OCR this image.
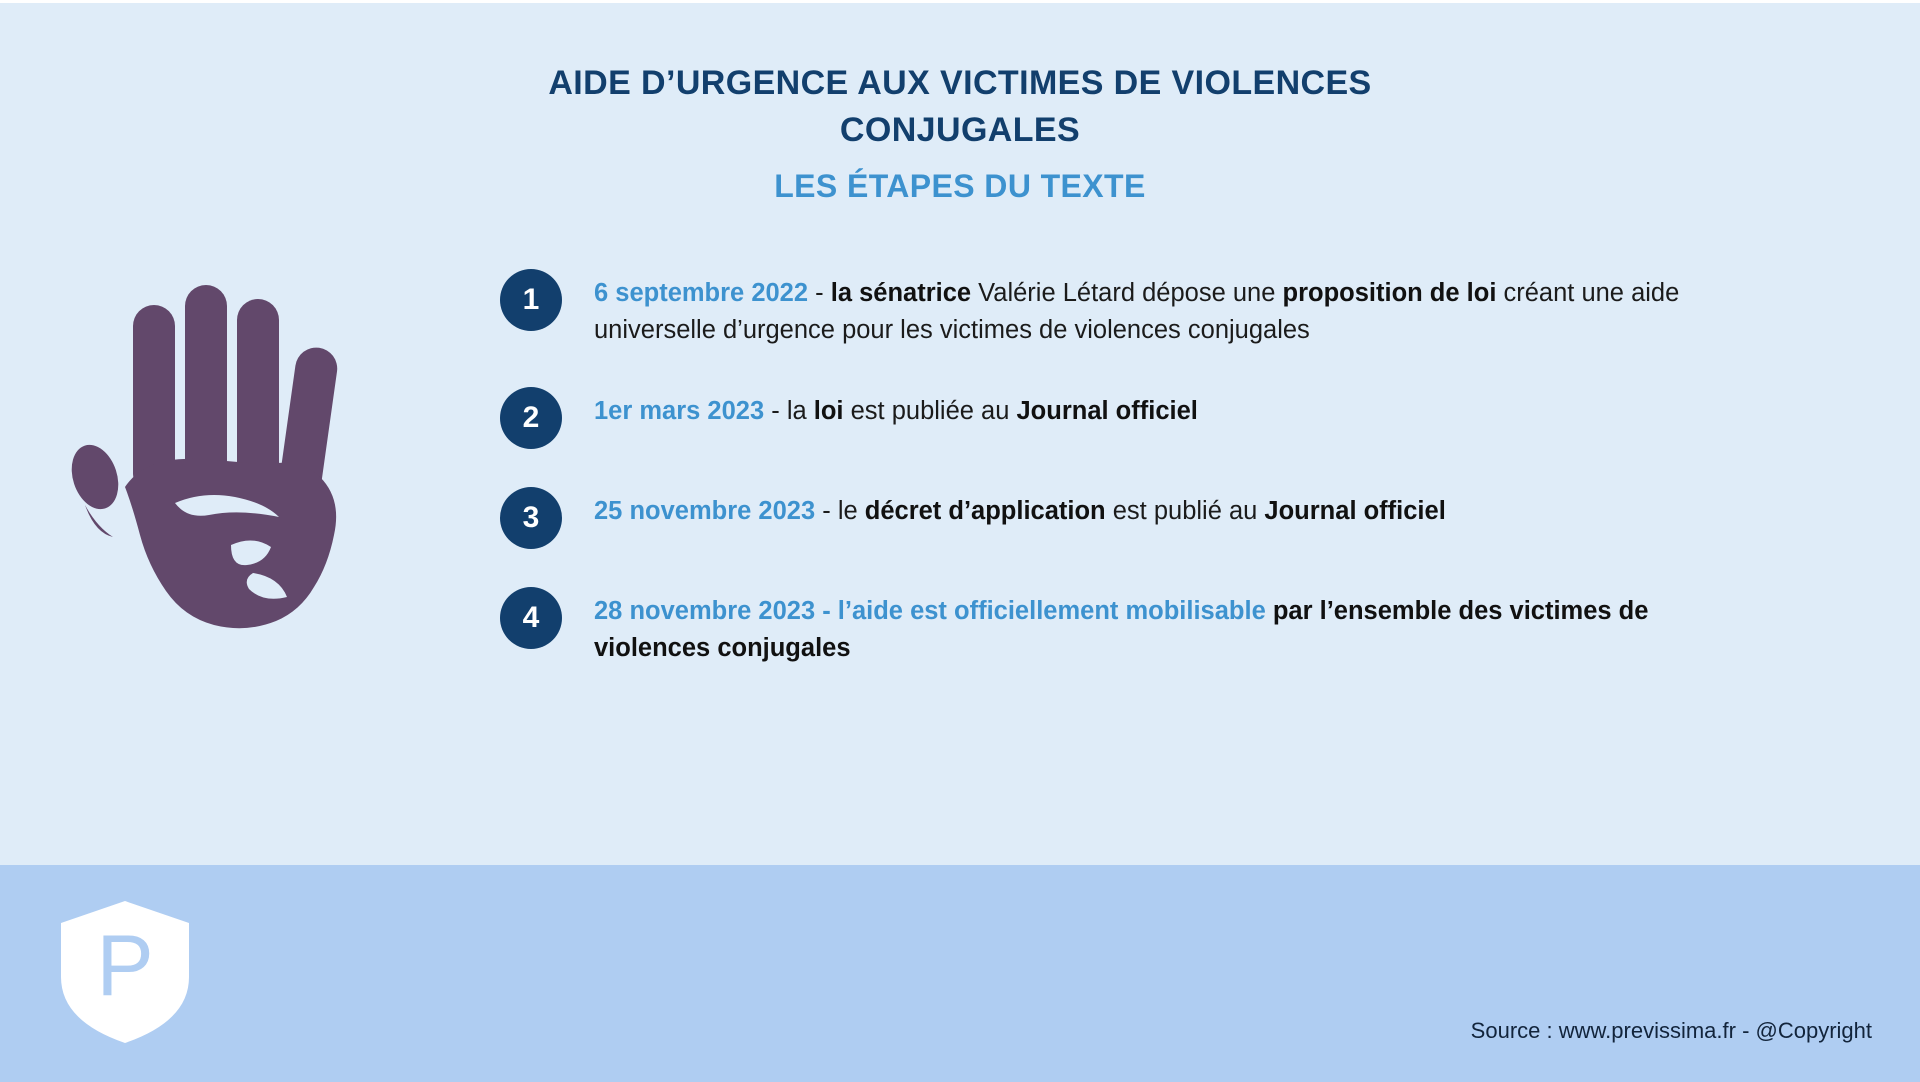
AIDE D’URGENCE AUX VICTIMES DE VIOLENCES
CONJUGALES
LES ÉTAPES DU TEXTE
1	6 septembre 2022 - la sénatrice Valérie Létard dépose une proposition de loi créant une aide universelle d’urgence pour les victimes de violences conjugales
2	1er mars 2023 - la loi est publiée au Journal officiel
3	25 novembre 2023 - le décret d’application est publié au Journal officiel
4	28 novembre 2023 - l’aide est officiellement mobilisable par l’ensemble des victimes de violences conjugales
P
Source : www.previssima.fr - @Copyright
